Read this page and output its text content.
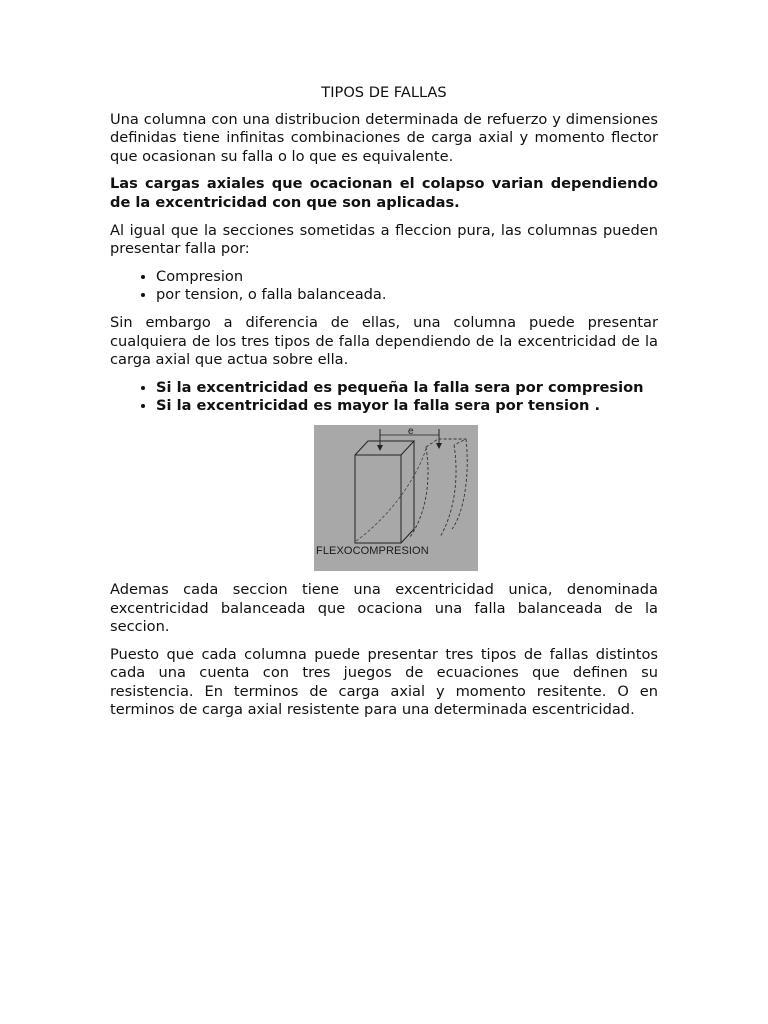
TIPOS DE FALLAS

Una columna con una distribucion determinada de refuerzo y dimensiones definidas tiene infinitas combinaciones de carga axial y momento flector que ocasionan su falla o lo que es equivalente.

Las cargas axiales que ocacionan el colapso varian dependiendo de la excentricidad con que son aplicadas.

Al igual que la secciones sometidas a fleccion pura, las columnas pueden presentar falla por:

• Compresion
• por tension, o falla balanceada.

Sin embargo a diferencia de ellas, una columna puede presentar cualquiera de los tres tipos de falla dependiendo de la excentricidad de la carga axial que actua sobre ella.

• Si la excentricidad es pequeña la falla sera por compresion
• Si la excentricidad es mayor la falla sera por tension .
e
FLEXOCOMPRESION

Ademas cada seccion tiene una excentricidad unica, denominada excentricidad balanceada que ocaciona una falla balanceada de la seccion.

Puesto que cada columna puede presentar tres tipos de fallas distintos cada una cuenta con tres juegos de ecuaciones que definen su resistencia. En terminos de carga axial y momento resitente. O en terminos de carga axial resistente para una determinada escentricidad.
